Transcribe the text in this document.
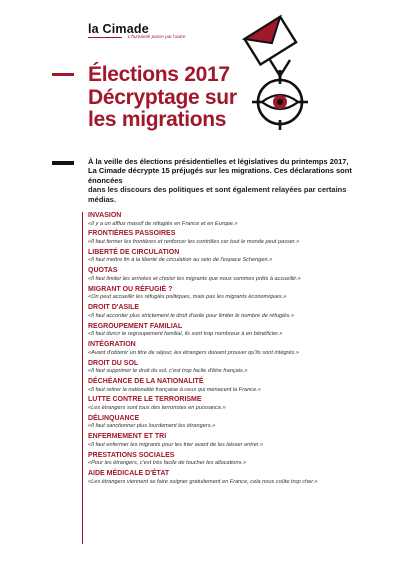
la Cimade
L'humanité passe par l'autre
Élections 2017
Décryptage sur
les migrations
À la veille des élections présidentielles et législatives du printemps 2017,
La Cimade décrypte 15 préjugés sur les migrations. Ces déclarations sont énoncées
dans les discours des politiques et sont également relayées par certains médias.
INVASION
«Il y a un afflux massif de réfugiés en France et en Europe.»
FRONTIÈRES PASSOIRES
«Il faut fermer les frontières et renforcer les contrôles car tout le monde peut passer.»
LIBERTÉ DE CIRCULATION
«Il faut mettre fin à la liberté de circulation au sein de l'espace Schengen.»
QUOTAS
«Il faut limiter les arrivées et choisir les migrants que nous sommes prêts à accueillir.»
MIGRANT OU RÉFUGIÉ ?
«On peut accueillir les réfugiés politiques, mais pas les migrants économiques.»
DROIT D'ASILE
«Il faut accorder plus strictement le droit d'asile pour limiter le nombre de réfugiés.»
REGROUPEMENT FAMILIAL
«Il faut durcir le regroupement familial, ils sont trop nombreux à en bénéficier.»
INTÉGRATION
«Avant d'obtenir un titre de séjour, les étrangers doivent prouver qu'ils sont intégrés.»
DROIT DU SOL
«Il faut supprimer le droit du sol, c'est trop facile d'être français.»
DÉCHÉANCE DE LA NATIONALITÉ
«Il faut retirer la nationalité française à ceux qui menacent la France.»
LUTTE CONTRE LE TERRORISME
«Les étrangers sont tous des terroristes en puissance.»
DÉLINQUANCE
«Il faut sanctionner plus lourdement les étrangers.»
ENFERMEMENT ET TRI
«Il faut enfermer les migrants pour les trier avant de les laisser entrer.»
PRESTATIONS SOCIALES
«Pour les étrangers, c'est très facile de toucher les allocations.»
AIDE MÉDICALE D'ÉTAT
«Les étrangers viennent se faire soigner gratuitement en France, cela nous coûte trop cher.»
